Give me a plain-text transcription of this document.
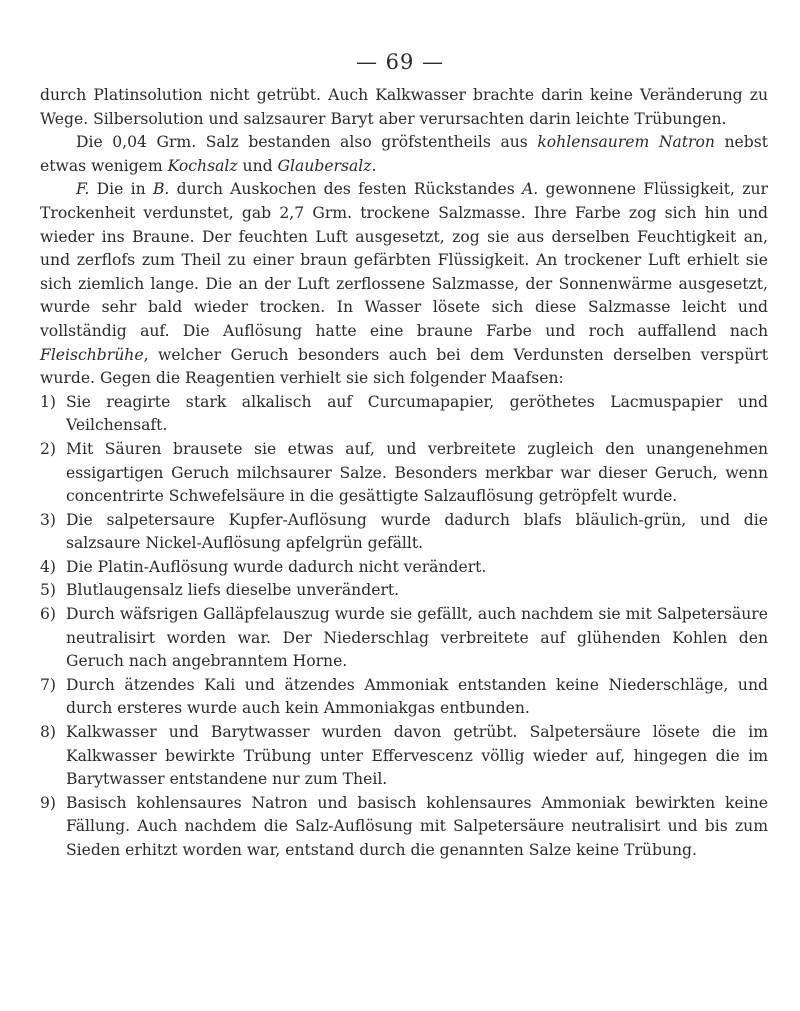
— 69 —

durch Platinsolution nicht getrübt. Auch Kalkwasser brachte darin keine Veränderung zu Wege. Silbersolution und salzsaurer Baryt aber verursachten darin leichte Trübungen.

Die 0,04 Grm. Salz bestanden also gröfstentheils aus kohlensaurem Natron nebst etwas wenigem Kochsalz und Glaubersalz.

F. Die in B. durch Auskochen des festen Rückstandes A. gewonnene Flüssigkeit, zur Trockenheit verdunstet, gab 2,7 Grm. trockene Salzmasse. Ihre Farbe zog sich hin und wieder ins Braune. Der feuchten Luft ausgesetzt, zog sie aus derselben Feuchtigkeit an, und zerflofs zum Theil zu einer braun gefärbten Flüssigkeit. An trockener Luft erhielt sie sich ziemlich lange. Die an der Luft zerflossene Salzmasse, der Sonnenwärme ausgesetzt, wurde sehr bald wieder trocken. In Wasser lösete sich diese Salzmasse leicht und vollständig auf. Die Auflösung hatte eine braune Farbe und roch auffallend nach Fleischbrühe, welcher Geruch besonders auch bei dem Verdunsten derselben verspürt wurde. Gegen die Reagentien verhielt sie sich folgender Maafsen:

1) Sie reagirte stark alkalisch auf Curcumapapier, geröthetes Lacmuspapier und Veilchensaft.
2) Mit Säuren brausete sie etwas auf, und verbreitete zugleich den unangenehmen essigartigen Geruch milchsaurer Salze. Besonders merkbar war dieser Geruch, wenn concentrirte Schwefelsäure in die gesättigte Salzauflösung getröpfelt wurde.
3) Die salpetersaure Kupfer-Auflösung wurde dadurch blafs bläulich-grün, und die salzsaure Nickel-Auflösung apfelgrün gefällt.
4) Die Platin-Auflösung wurde dadurch nicht verändert.
5) Blutlaugensalz liefs dieselbe unverändert.
6) Durch wäfsrigen Galläpfelauszug wurde sie gefällt, auch nachdem sie mit Salpetersäure neutralisirt worden war. Der Niederschlag verbreitete auf glühenden Kohlen den Geruch nach angebranntem Horne.
7) Durch ätzendes Kali und ätzendes Ammoniak entstanden keine Niederschläge, und durch ersteres wurde auch kein Ammoniakgas entbunden.
8) Kalkwasser und Barytwasser wurden davon getrübt. Salpetersäure lösete die im Kalkwasser bewirkte Trübung unter Effervescenz völlig wieder auf, hingegen die im Barytwasser entstandene nur zum Theil.
9) Basisch kohlensaures Natron und basisch kohlensaures Ammoniak bewirkten keine Fällung. Auch nachdem die Salz-Auflösung mit Salpetersäure neutralisirt und bis zum Sieden erhitzt worden war, entstand durch die genannten Salze keine Trübung.
